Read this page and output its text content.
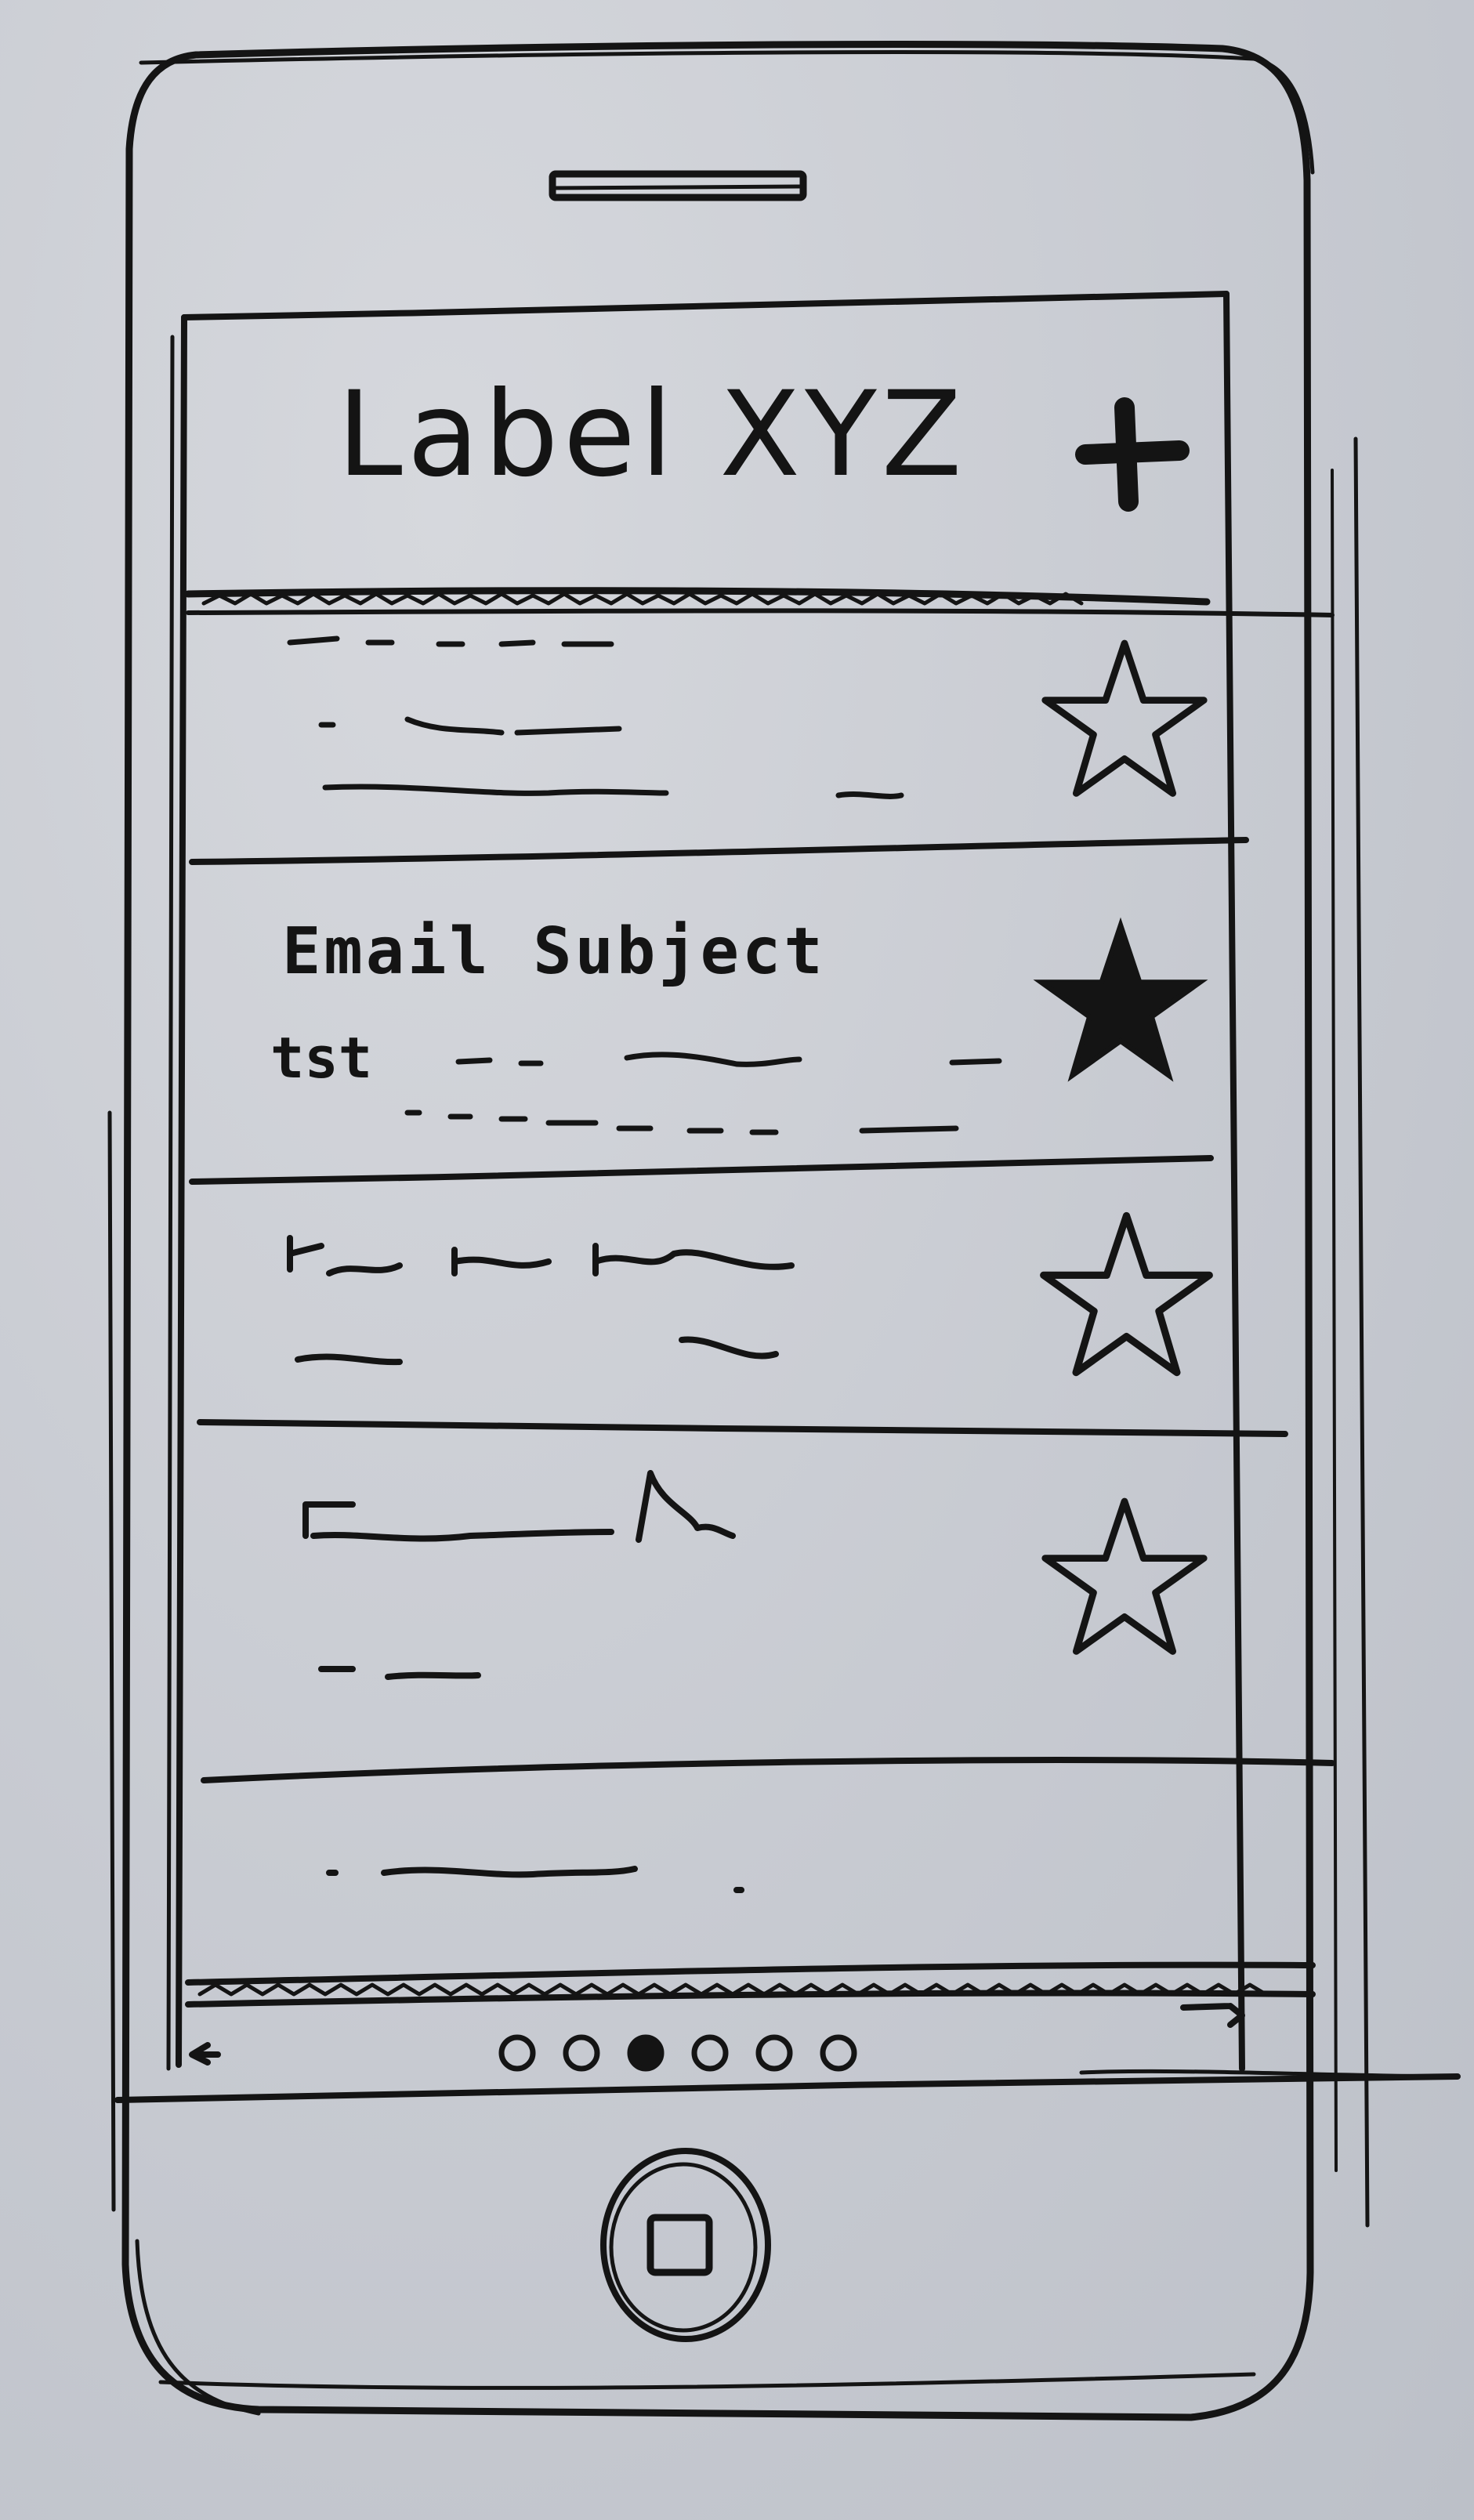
Label XYZ
Email Subject
tst
